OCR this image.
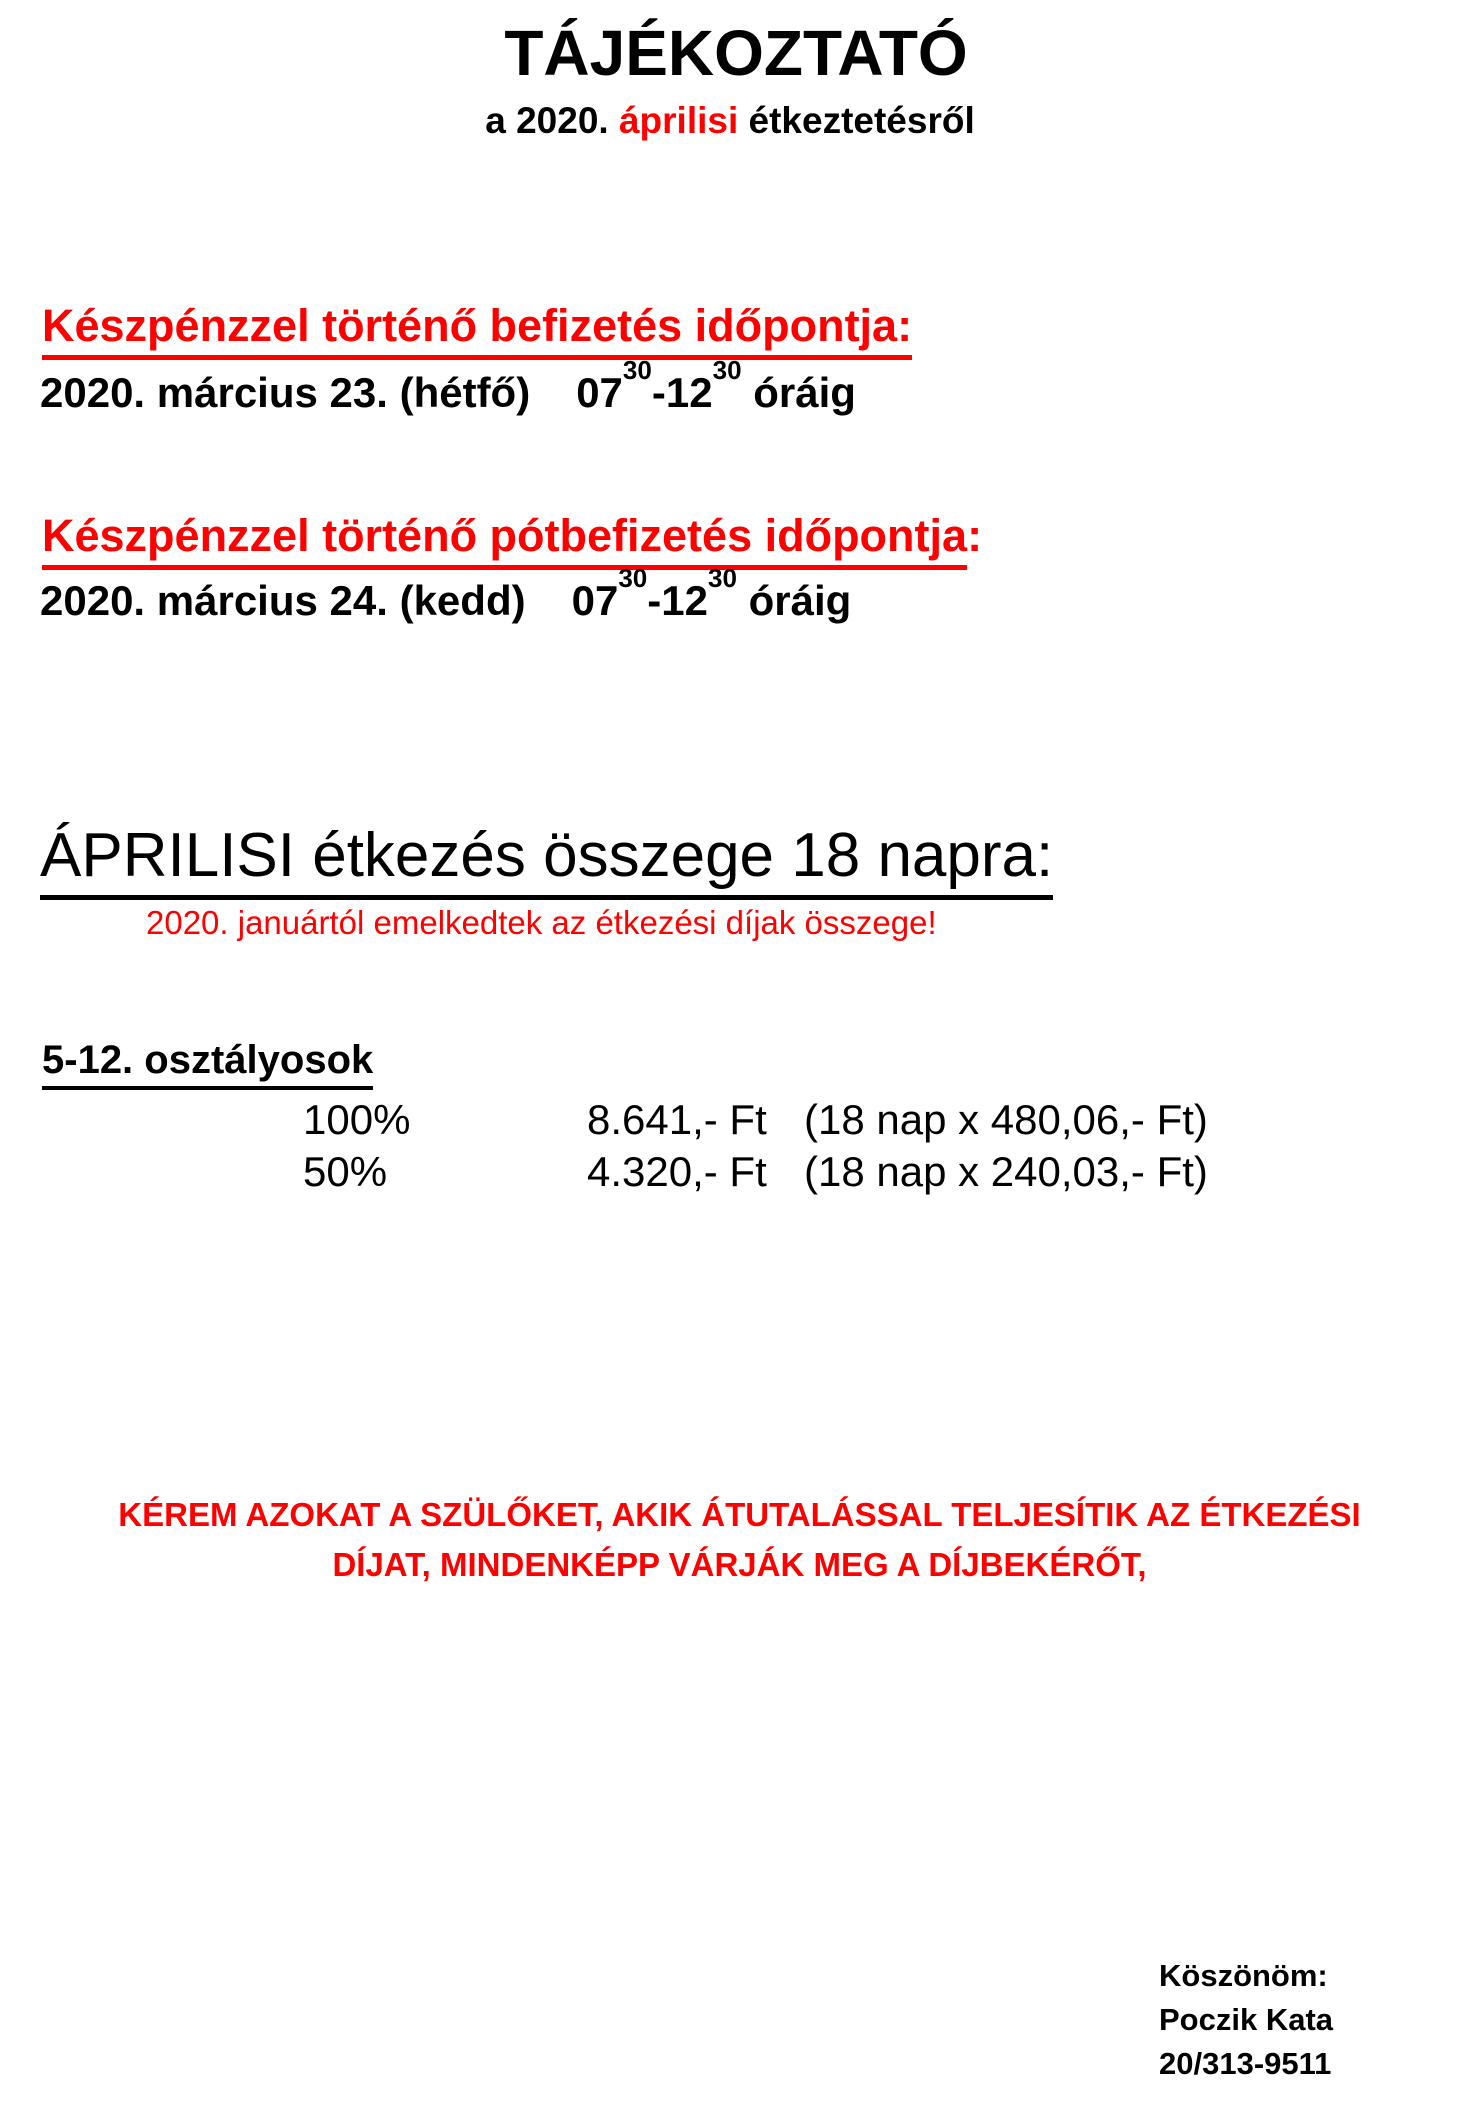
TÁJÉKOZTATÓ
a 2020. áprilisi étkeztetésről
Készpénzzel történő befizetés időpontja:
2020. március 23. (hétfő) $07^{30}-12^{30}$ óráig
Készpénzzel történő pótbefizetés időpontja:
2020. március 24. (kedd) $07^{30}-12^{30}$ óráig
ÁPRILISI étkezés összege 18 napra:
2020. januártól emelkedtek az étkezési díjak összege!
5-12. osztályosok
100%	8.641,- Ft (18 nap x 480,06,- Ft)
50%	4.320,- Ft (18 nap x 240,03,- Ft)
KÉREM AZOKAT A SZÜLŐKET, AKIK ÁTUTALÁSSAL TELJESÍTIK AZ ÉTKEZÉSI
DÍJAT, MINDENKÉPP VÁRJÁK MEG A DÍJBEKÉRŐT,
Köszönöm:
Poczik Kata
20/313-9511
